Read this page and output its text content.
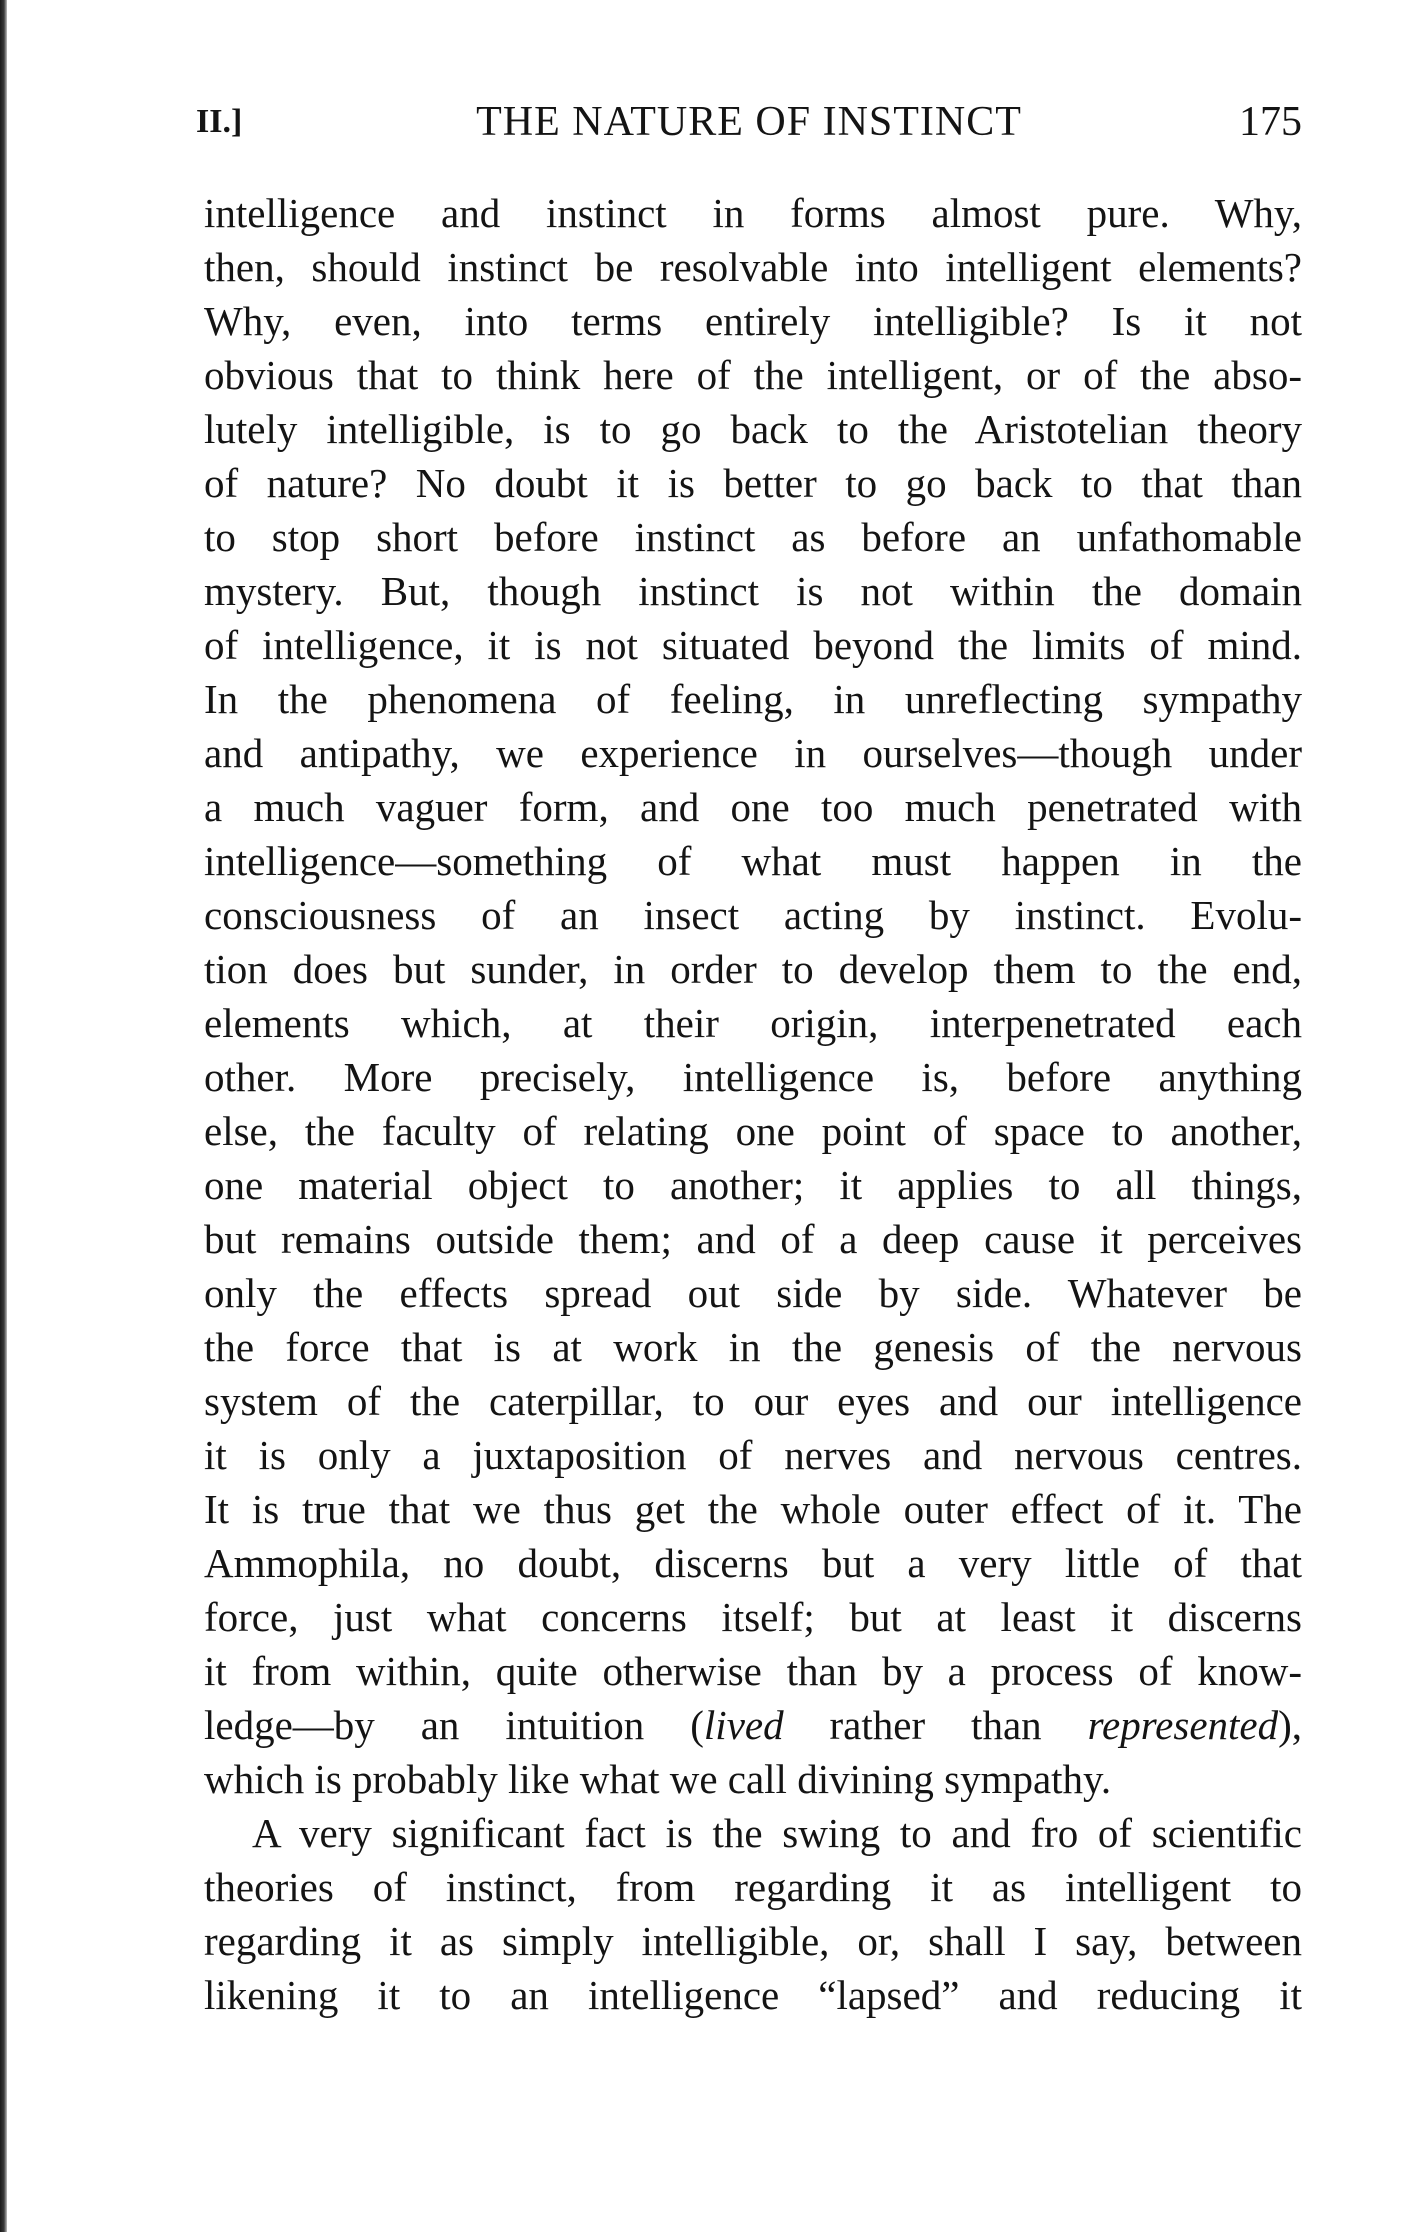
II.]	THE NATURE OF INSTINCT	175
intelligence and instinct in forms almost pure. Why,
then, should instinct be resolvable into intelligent elements?
Why, even, into terms entirely intelligible? Is it not
obvious that to think here of the intelligent, or of the abso-
lutely intelligible, is to go back to the Aristotelian theory
of nature? No doubt it is better to go back to that than
to stop short before instinct as before an unfathomable
mystery. But, though instinct is not within the domain
of intelligence, it is not situated beyond the limits of mind.
In the phenomena of feeling, in unreflecting sympathy
and antipathy, we experience in ourselves—though under
a much vaguer form, and one too much penetrated with
intelligence—something of what must happen in the
consciousness of an insect acting by instinct. Evolu-
tion does but sunder, in order to develop them to the end,
elements which, at their origin, interpenetrated each
other. More precisely, intelligence is, before anything
else, the faculty of relating one point of space to another,
one material object to another; it applies to all things,
but remains outside them; and of a deep cause it perceives
only the effects spread out side by side. Whatever be
the force that is at work in the genesis of the nervous
system of the caterpillar, to our eyes and our intelligence
it is only a juxtaposition of nerves and nervous centres.
It is true that we thus get the whole outer effect of it. The
Ammophila, no doubt, discerns but a very little of that
force, just what concerns itself; but at least it discerns
it from within, quite otherwise than by a process of know-
ledge—by an intuition (lived rather than represented),
which is probably like what we call divining sympathy.
A very significant fact is the swing to and fro of scientific
theories of instinct, from regarding it as intelligent to
regarding it as simply intelligible, or, shall I say, between
likening it to an intelligence “lapsed” and reducing it
